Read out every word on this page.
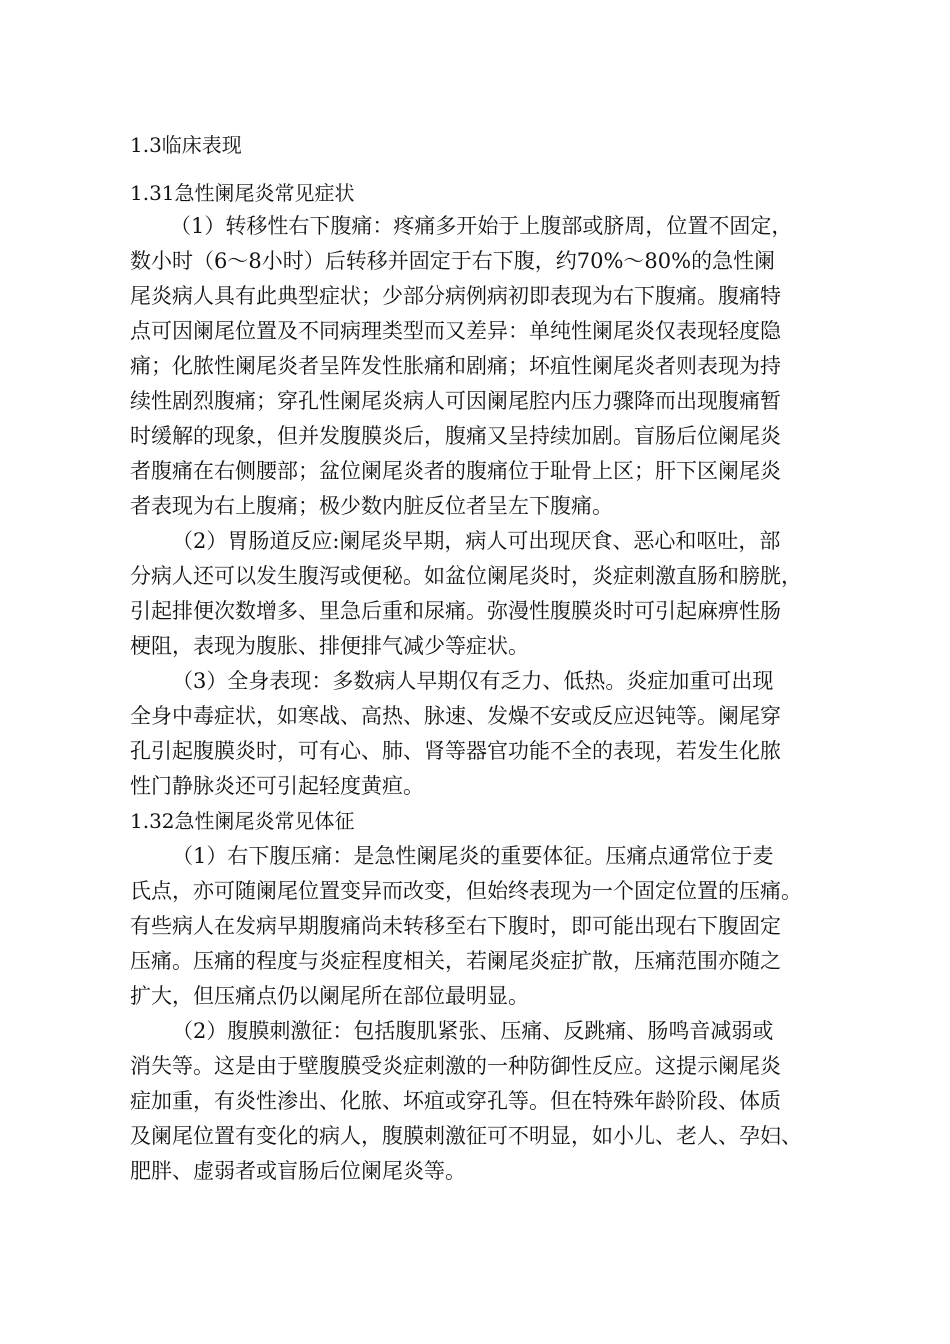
1.3临床表现
1.31急性阑尾炎常见症状
（1）转移性右下腹痛：疼痛多开始于上腹部或脐周，位置不固定，
数小时（6～8小时）后转移并固定于右下腹，约70%～80%的急性阑
尾炎病人具有此典型症状；少部分病例病初即表现为右下腹痛。腹痛特
点可因阑尾位置及不同病理类型而又差异：单纯性阑尾炎仅表现轻度隐
痛；化脓性阑尾炎者呈阵发性胀痛和剧痛；坏疽性阑尾炎者则表现为持
续性剧烈腹痛；穿孔性阑尾炎病人可因阑尾腔内压力骤降而出现腹痛暂
时缓解的现象，但并发腹膜炎后，腹痛又呈持续加剧。盲肠后位阑尾炎
者腹痛在右侧腰部；盆位阑尾炎者的腹痛位于耻骨上区；肝下区阑尾炎
者表现为右上腹痛；极少数内脏反位者呈左下腹痛。
（2）胃肠道反应:阑尾炎早期，病人可出现厌食、恶心和呕吐，部
分病人还可以发生腹泻或便秘。如盆位阑尾炎时，炎症刺激直肠和膀胱，
引起排便次数增多、里急后重和尿痛。弥漫性腹膜炎时可引起麻痹性肠
梗阻，表现为腹胀、排便排气减少等症状。
（3）全身表现：多数病人早期仅有乏力、低热。炎症加重可出现
全身中毒症状，如寒战、高热、脉速、发燥不安或反应迟钝等。阑尾穿
孔引起腹膜炎时，可有心、肺、肾等器官功能不全的表现，若发生化脓
性门静脉炎还可引起轻度黄疸。
1.32急性阑尾炎常见体征
（1）右下腹压痛：是急性阑尾炎的重要体征。压痛点通常位于麦
氏点，亦可随阑尾位置变异而改变，但始终表现为一个固定位置的压痛。
有些病人在发病早期腹痛尚未转移至右下腹时，即可能出现右下腹固定
压痛。压痛的程度与炎症程度相关，若阑尾炎症扩散，压痛范围亦随之
扩大，但压痛点仍以阑尾所在部位最明显。
（2）腹膜刺激征：包括腹肌紧张、压痛、反跳痛、肠鸣音减弱或
消失等。这是由于壁腹膜受炎症刺激的一种防御性反应。这提示阑尾炎
症加重，有炎性渗出、化脓、坏疽或穿孔等。但在特殊年龄阶段、体质
及阑尾位置有变化的病人，腹膜刺激征可不明显，如小儿、老人、孕妇、
肥胖、虚弱者或盲肠后位阑尾炎等。
